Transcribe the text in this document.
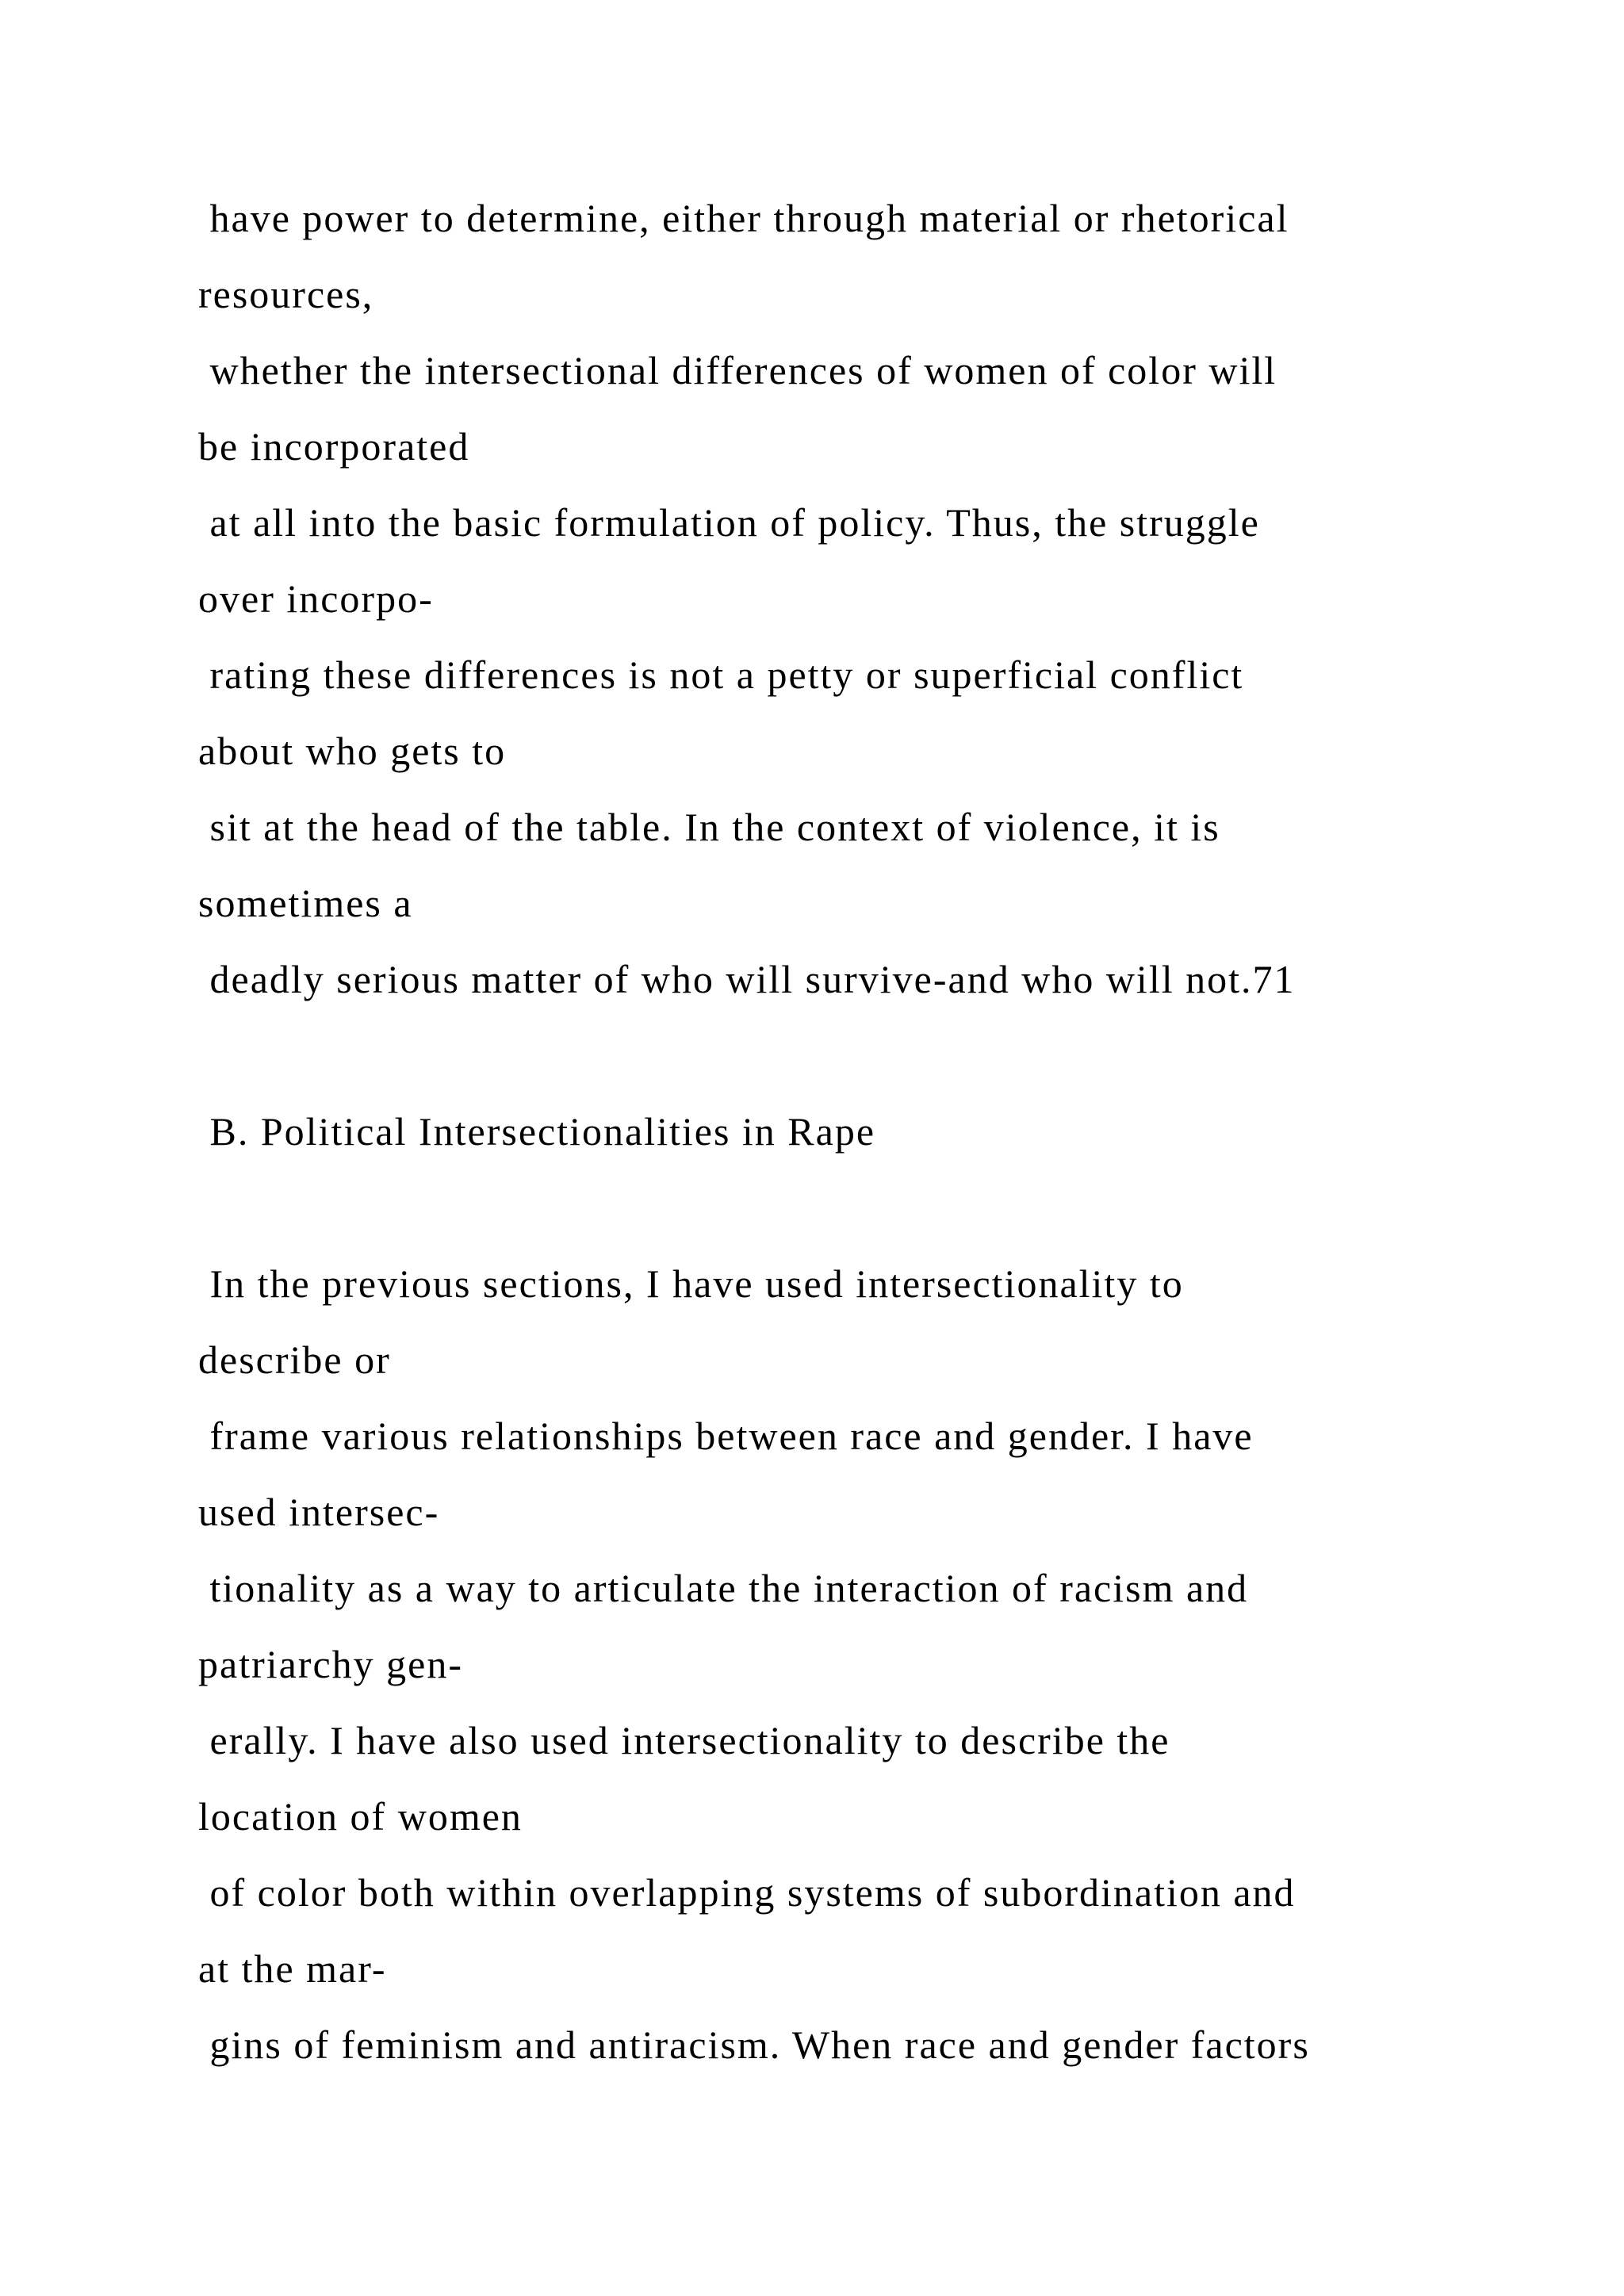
have power to determine, either through material or rhetorical

resources,

whether the intersectional differences of women of color will

be incorporated

at all into the basic formulation of policy. Thus, the struggle

over incorpo-

rating these differences is not a petty or superficial conflict

about who gets to

sit at the head of the table. In the context of violence, it is

sometimes a

deadly serious matter of who will survive-and who will not.71

B. Political Intersectionalities in Rape

In the previous sections, I have used intersectionality to

describe or

frame various relationships between race and gender. I have

used intersec-

tionality as a way to articulate the interaction of racism and

patriarchy gen-

erally. I have also used intersectionality to describe the

location of women

of color both within overlapping systems of subordination and

at the mar-

gins of feminism and antiracism. When race and gender factors
